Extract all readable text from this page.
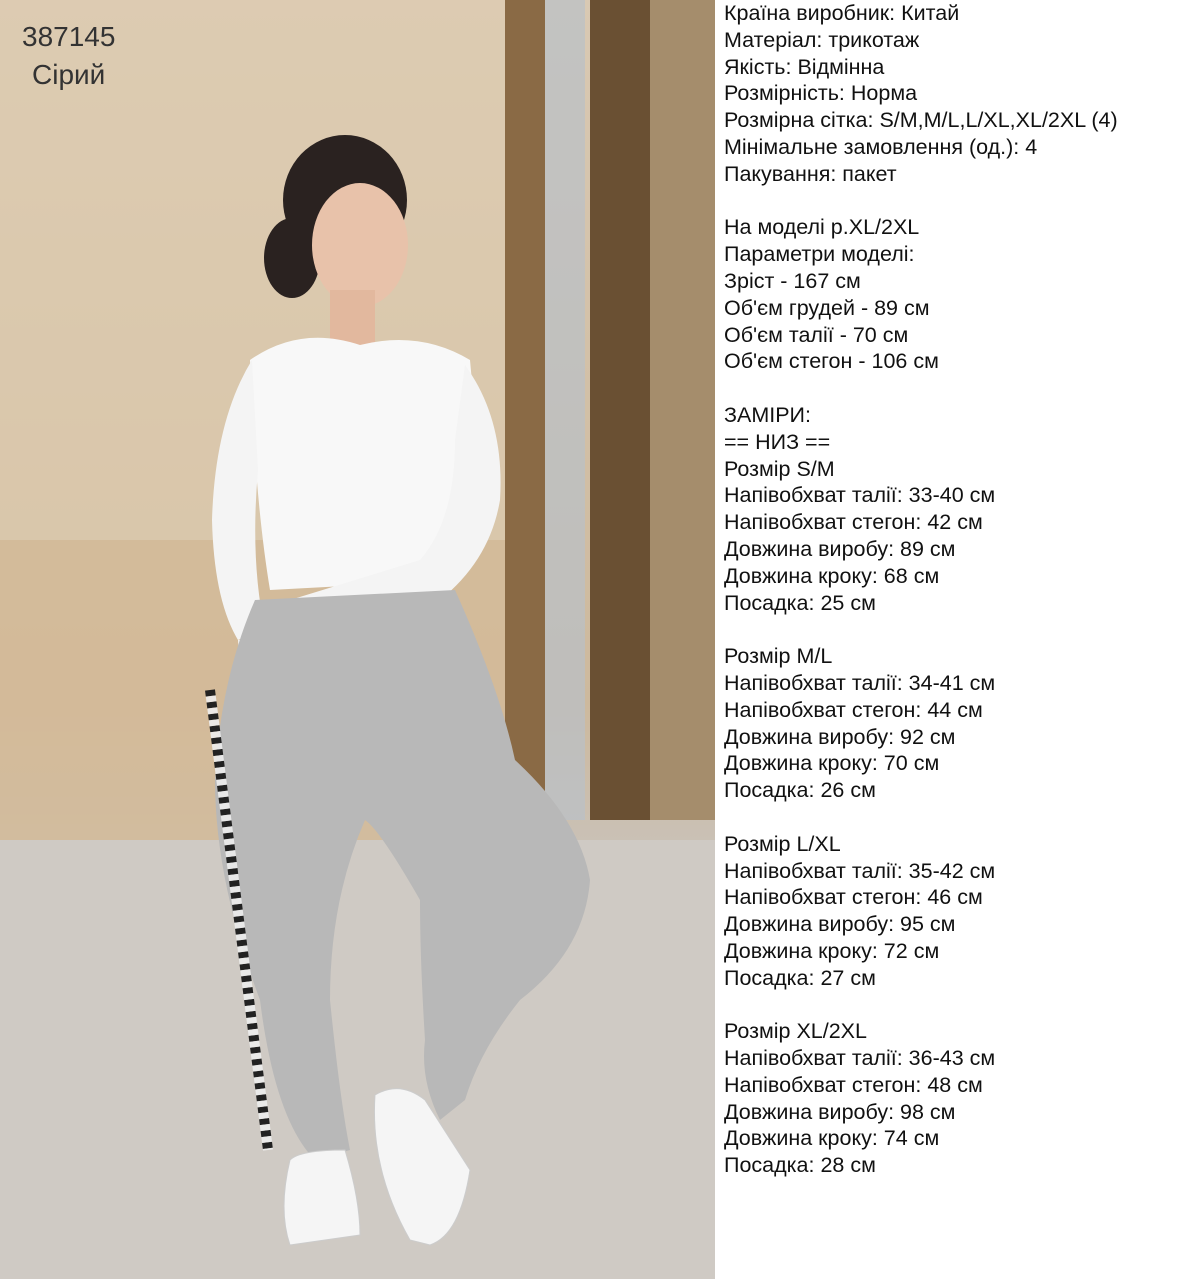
387145
Сірий
Країна виробник: Китай
Матеріал: трикотаж
Якість: Відмінна
Розмірність: Норма
Розмірна сітка: S/M,M/L,L/XL,XL/2XL (4)
Мінімальне замовлення (од.): 4
Пакування: пакет
На моделі р.XL/2XL
Параметри моделі:
Зріст - 167 см
Об'єм грудей - 89 см
Об'єм талії - 70 см
Об'єм стегон - 106 см
ЗАМІРИ:
== НИЗ ==
Розмір S/M
Напівобхват талії: 33-40 см
Напівобхват стегон: 42 см
Довжина виробу: 89 см
Довжина кроку: 68 см
Посадка: 25 см
Розмір M/L
Напівобхват талії: 34-41 см
Напівобхват стегон: 44 см
Довжина виробу: 92 см
Довжина кроку: 70 см
Посадка: 26 см
Розмір L/XL
Напівобхват талії: 35-42 см
Напівобхват стегон: 46 см
Довжина виробу: 95 см
Довжина кроку: 72 см
Посадка: 27 см
Розмір XL/2XL
Напівобхват талії: 36-43 см
Напівобхват стегон: 48 см
Довжина виробу: 98 см
Довжина кроку: 74 см
Посадка: 28 см
